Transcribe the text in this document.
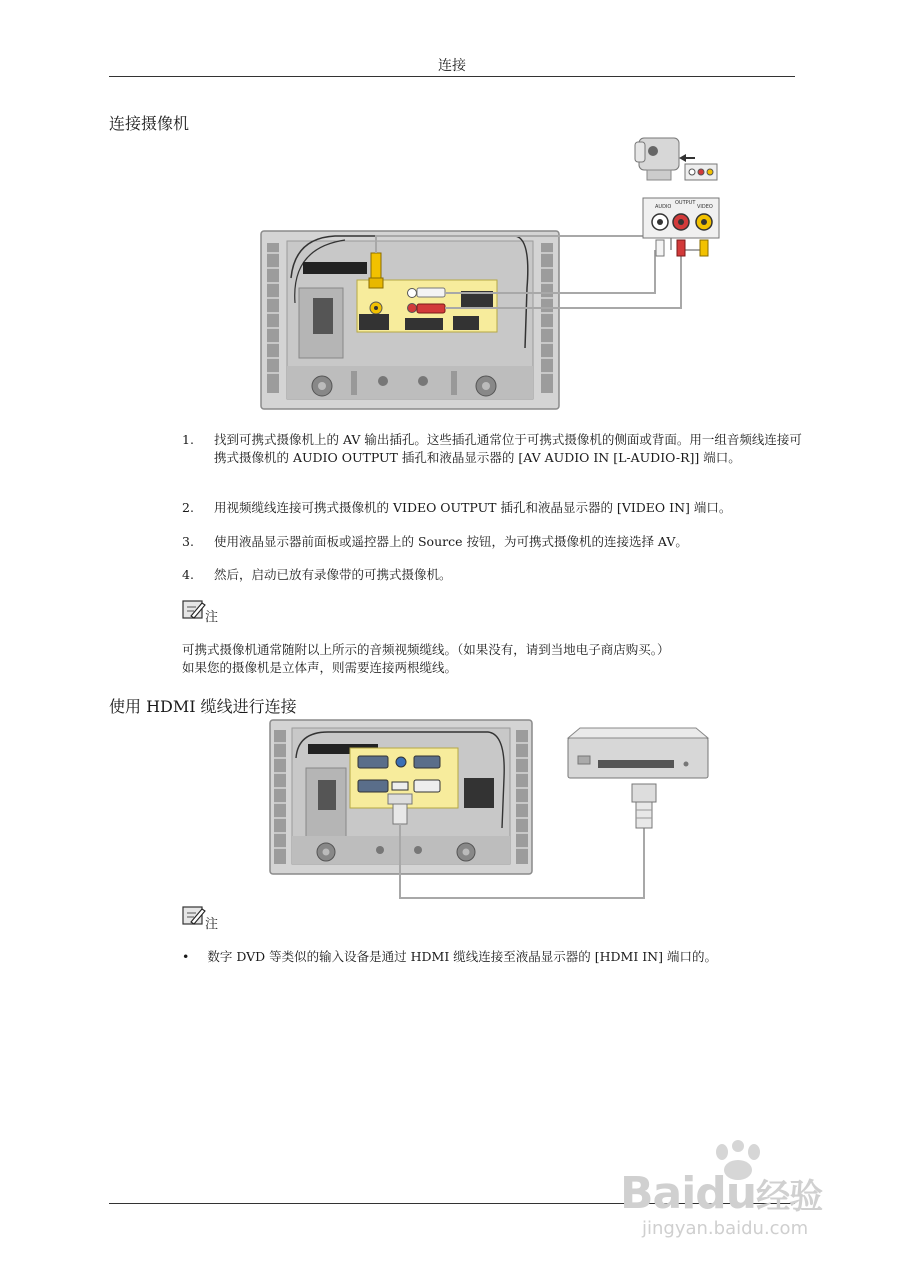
连接
连接摄像机
AUDIO
OUTPUT
VIDEO
1. 找到可携式摄像机上的 AV 输出插孔。这些插孔通常位于可携式摄像机的侧面或背面。用一组音频线连接可携式摄像机的 AUDIO OUTPUT 插孔和液晶显示器的 [AV AUDIO IN [L-AUDIO-R]] 端口。
2. 用视频缆线连接可携式摄像机的 VIDEO OUTPUT 插孔和液晶显示器的 [VIDEO IN] 端口。
3. 使用液晶显示器前面板或遥控器上的 Source 按钮，为可携式摄像机的连接选择 AV。
4. 然后，启动已放有录像带的可携式摄像机。
注
可携式摄像机通常随附以上所示的音频视频缆线。（如果没有，请到当地电子商店购买。）
如果您的摄像机是立体声，则需要连接两根缆线。
使用 HDMI 缆线进行连接
注
• 数字 DVD 等类似的输入设备是通过 HDMI 缆线连接至液晶显示器的 [HDMI IN] 端口的。
Baidu经验
jingyan.baidu.com
